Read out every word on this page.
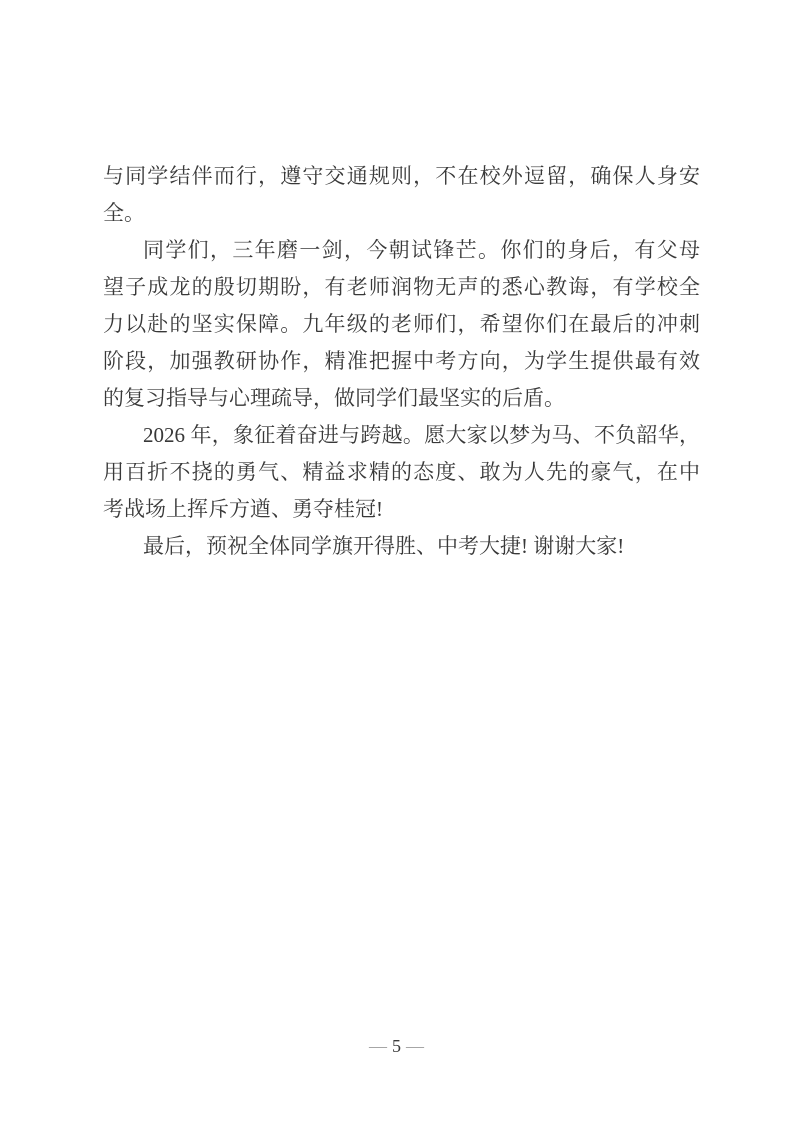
与同学结伴而行，遵守交通规则，不在校外逗留，确保人身安
全。
同学们，三年磨一剑，今朝试锋芒。你们的身后，有父母
望子成龙的殷切期盼，有老师润物无声的悉心教诲，有学校全
力以赴的坚实保障。九年级的老师们，希望你们在最后的冲刺
阶段，加强教研协作，精准把握中考方向，为学生提供最有效
的复习指导与心理疏导，做同学们最坚实的后盾。
2026 年，象征着奋进与跨越。愿大家以梦为马、不负韶华，
用百折不挠的勇气、精益求精的态度、敢为人先的豪气，在中
考战场上挥斥方遒、勇夺桂冠!
最后，预祝全体同学旗开得胜、中考大捷! 谢谢大家!
— 5 —
